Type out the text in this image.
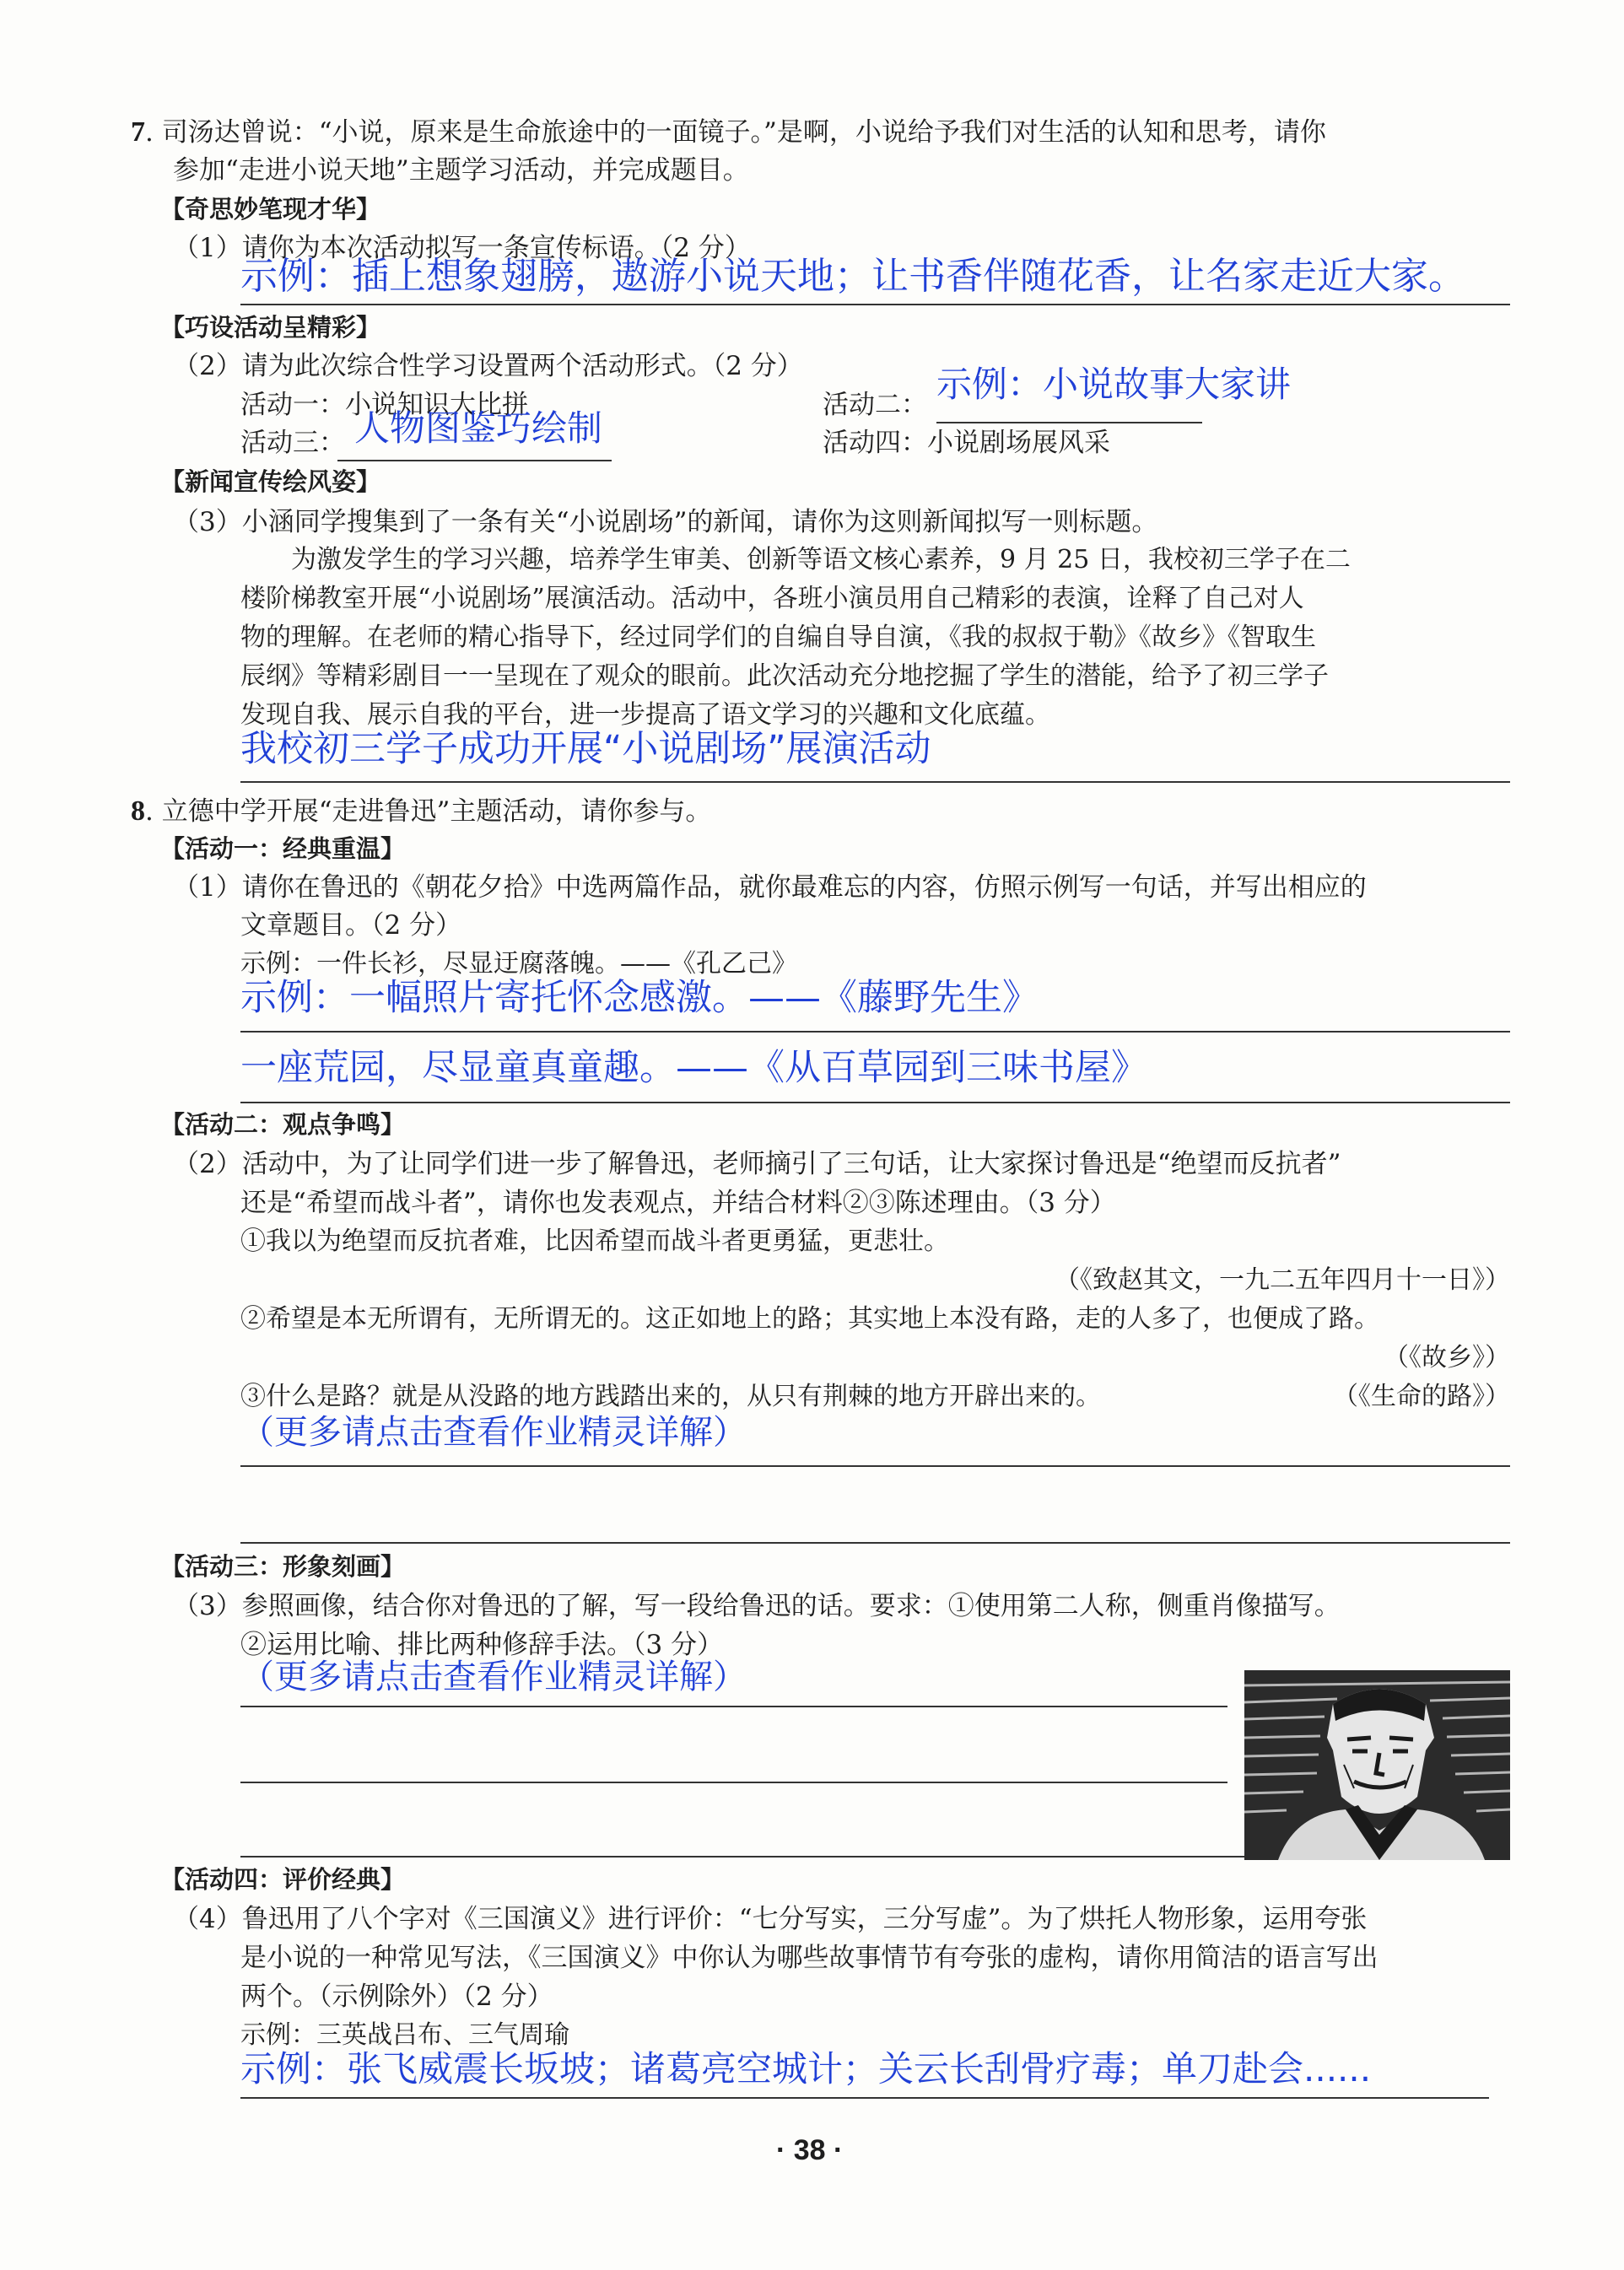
7. 司汤达曾说：“小说，原来是生命旅途中的一面镜子。”是啊，小说给予我们对生活的认知和思考，请你
参加“走进小说天地”主题学习活动，并完成题目。
【奇思妙笔现才华】
（1）请你为本次活动拟写一条宣传标语。（2 分）
示例：插上想象翅膀，遨游小说天地；让书香伴随花香，让名家走近大家。
【巧设活动呈精彩】
（2）请为此次综合性学习设置两个活动形式。（2 分）
活动一：小说知识大比拼	活动二： 示例：小说故事大家讲
活动三： 人物图鉴巧绘制	活动四：小说剧场展风采
【新闻宣传绘风姿】
（3）小涵同学搜集到了一条有关“小说剧场”的新闻，请你为这则新闻拟写一则标题。
为激发学生的学习兴趣，培养学生审美、创新等语文核心素养，9 月 25 日，我校初三学子在二
楼阶梯教室开展“小说剧场”展演活动。活动中，各班小演员用自己精彩的表演，诠释了自己对人
物的理解。在老师的精心指导下，经过同学们的自编自导自演，《我的叔叔于勒》《故乡》《智取生
辰纲》等精彩剧目一一呈现在了观众的眼前。此次活动充分地挖掘了学生的潜能，给予了初三学子
发现自我、展示自我的平台，进一步提高了语文学习的兴趣和文化底蕴。
我校初三学子成功开展“小说剧场”展演活动
8. 立德中学开展“走进鲁迅”主题活动，请你参与。
【活动一：经典重温】
（1）请你在鲁迅的《朝花夕拾》中选两篇作品，就你最难忘的内容，仿照示例写一句话，并写出相应的
文章题目。（2 分）
示例：一件长衫，尽显迂腐落魄。——《孔乙己》
示例：一幅照片寄托怀念感激。——《藤野先生》
一座荒园，尽显童真童趣。——《从百草园到三味书屋》
【活动二：观点争鸣】
（2）活动中，为了让同学们进一步了解鲁迅，老师摘引了三句话，让大家探讨鲁迅是“绝望而反抗者”
还是“希望而战斗者”，请你也发表观点，并结合材料②③陈述理由。（3 分）
①我以为绝望而反抗者难，比因希望而战斗者更勇猛，更悲壮。
（《致赵其文，一九二五年四月十一日》）
②希望是本无所谓有，无所谓无的。这正如地上的路；其实地上本没有路，走的人多了，也便成了路。
（《故乡》）
③什么是路？就是从没路的地方践踏出来的，从只有荆棘的地方开辟出来的。	（《生命的路》）
（更多请点击查看作业精灵详解）
【活动三：形象刻画】
（3）参照画像，结合你对鲁迅的了解，写一段给鲁迅的话。要求：①使用第二人称，侧重肖像描写。
②运用比喻、排比两种修辞手法。（3 分）
（更多请点击查看作业精灵详解）
【活动四：评价经典】
（4）鲁迅用了八个字对《三国演义》进行评价：“七分写实，三分写虚”。为了烘托人物形象，运用夸张
是小说的一种常见写法，《三国演义》中你认为哪些故事情节有夸张的虚构，请你用简洁的语言写出
两个。（示例除外）（2 分）
示例：三英战吕布、三气周瑜
示例：张飞威震长坂坡；诸葛亮空城计；关云长刮骨疗毒；单刀赴会......
· 38 ·
